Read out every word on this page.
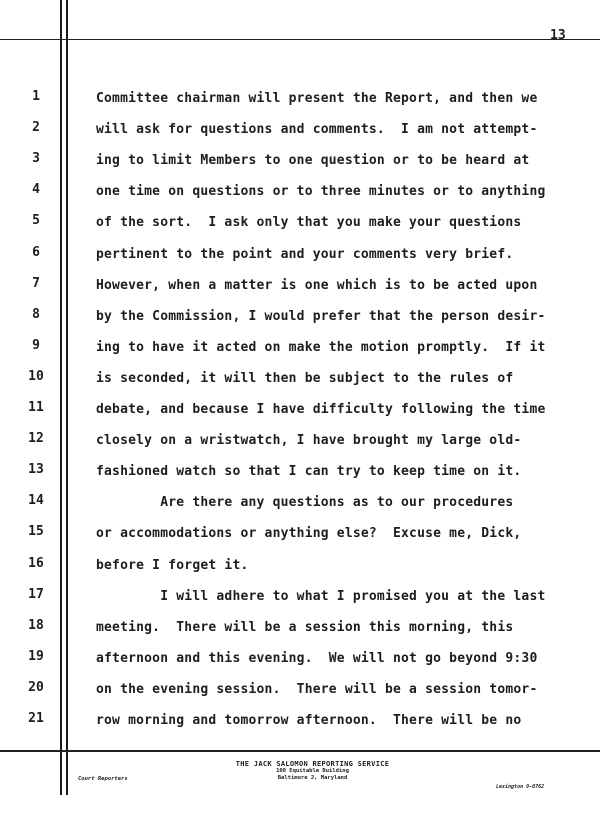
13
1
2
3
4
5
6
7
8
9
10
11
12
13
14
15
16
17
18
19
20
21
Committee chairman will present the Report, and then we
will ask for questions and comments.  I am not attempt-
ing to limit Members to one question or to be heard at
one time on questions or to three minutes or to anything
of the sort.  I ask only that you make your questions
pertinent to the point and your comments very brief.
However, when a matter is one which is to be acted upon
by the Commission, I would prefer that the person desir-
ing to have it acted on make the motion promptly.  If it
is seconded, it will then be subject to the rules of
debate, and because I have difficulty following the time
closely on a wristwatch, I have brought my large old-
fashioned watch so that I can try to keep time on it.
Are there any questions as to our procedures
or accommodations or anything else?  Excuse me, Dick,
before I forget it.
I will adhere to what I promised you at the last
meeting.  There will be a session this morning, this
afternoon and this evening.  We will not go beyond 9:30
on the evening session.  There will be a session tomor-
row morning and tomorrow afternoon.  There will be no
THE JACK SALOMON REPORTING SERVICE
100 Equitable Building
Baltimore 2, Maryland
Court Reporters
Lexington 9-0762
